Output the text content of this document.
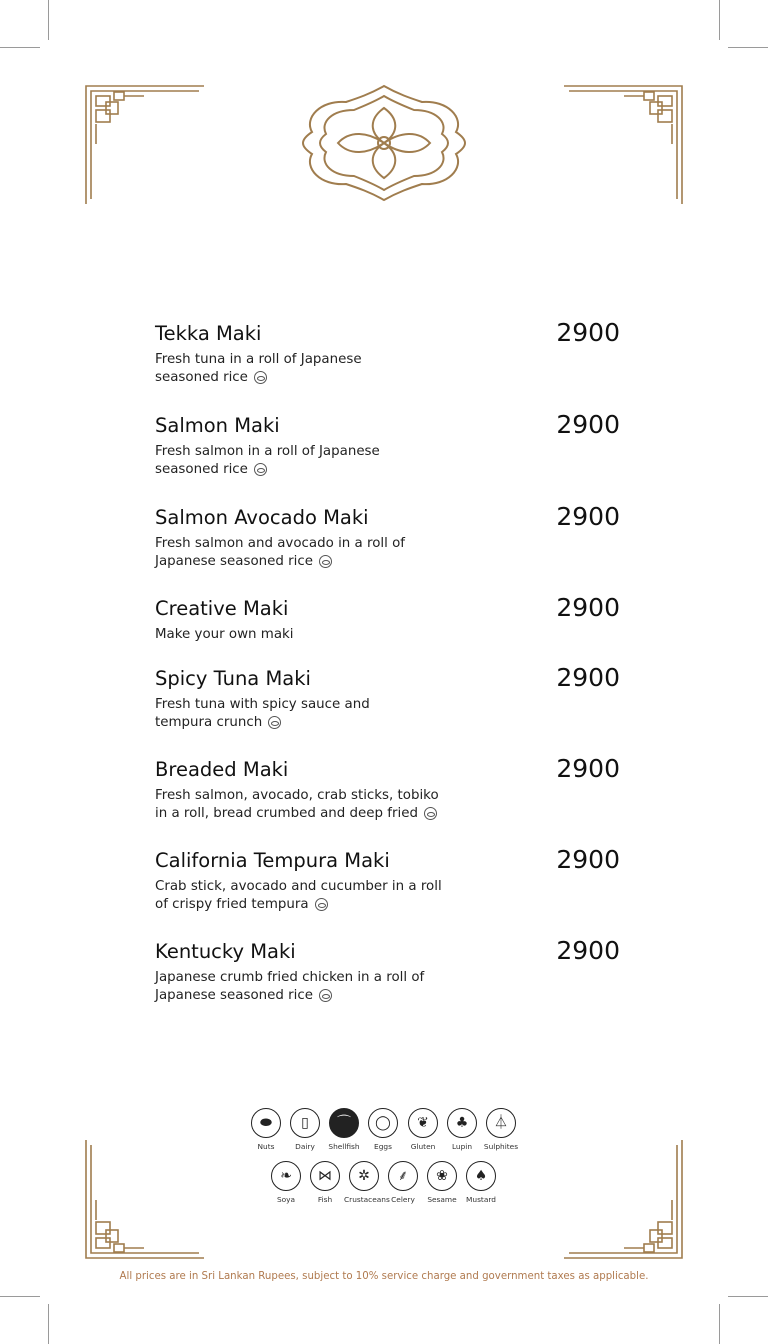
Tekka Maki	2900
Fresh tuna in a roll of Japanese
seasoned rice
Salmon Maki	2900
Fresh salmon in a roll of Japanese
seasoned rice
Salmon Avocado Maki	2900
Fresh salmon and avocado in a roll of
Japanese seasoned rice
Creative Maki	2900
Make your own maki
Spicy Tuna Maki	2900
Fresh tuna with spicy sauce and
tempura crunch
Breaded Maki	2900
Fresh salmon, avocado, crab sticks, tobiko
in a roll, bread crumbed and deep fried
California Tempura Maki	2900
Crab stick, avocado and cucumber in a roll
of crispy fried tempura
Kentucky Maki	2900
Japanese crumb fried chicken in a roll of
Japanese seasoned rice
⬬
Nuts
▯
Dairy
⌒
Shellfish
◯
Eggs
❦
Gluten
♣
Lupin
⏃
Sulphites
❧
Soya
⋈
Fish
✲
Crustaceans
⸙
Celery
❀
Sesame
♠
Mustard
All prices are in Sri Lankan Rupees, subject to 10% service charge and government taxes as applicable.
